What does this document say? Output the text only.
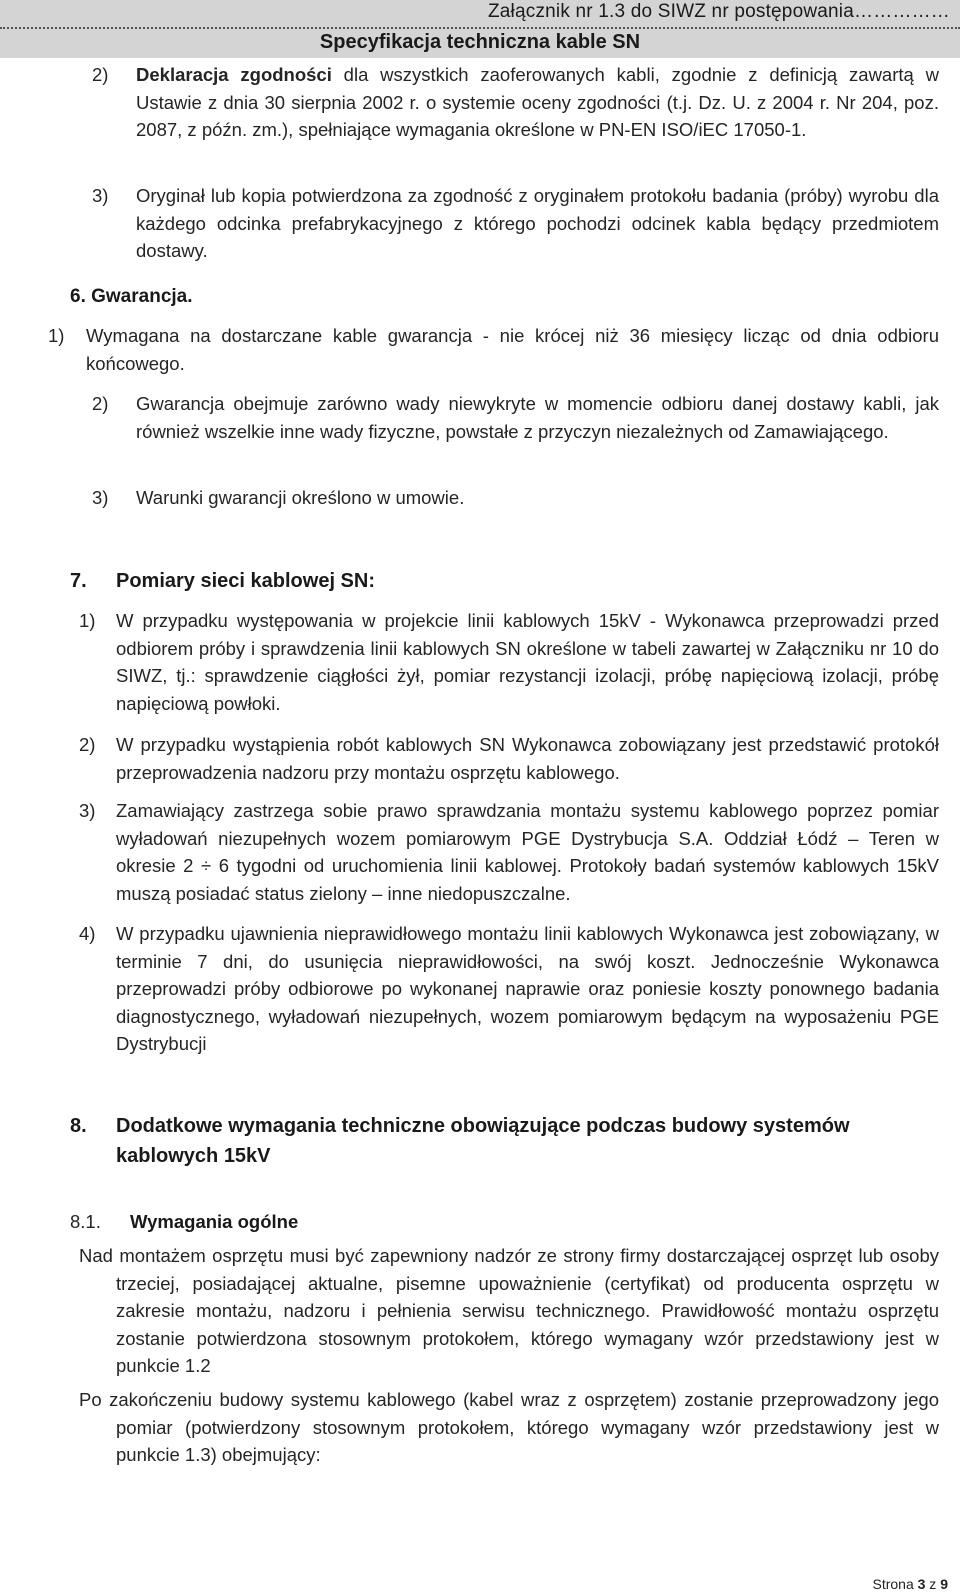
Załącznik nr 1.3 do SIWZ nr postępowania……………
Specyfikacja techniczna kable SN
2) Deklaracja zgodności dla wszystkich zaoferowanych kabli, zgodnie z definicją zawartą w Ustawie z dnia 30 sierpnia 2002 r. o systemie oceny zgodności (t.j. Dz. U. z 2004 r. Nr 204, poz. 2087, z późn. zm.), spełniające wymagania określone w PN-EN ISO/iEC 17050-1.

3) Oryginał lub kopia potwierdzona za zgodność z oryginałem protokołu badania (próby) wyrobu dla każdego odcinka prefabrykacyjnego z którego pochodzi odcinek kabla będący przedmiotem dostawy.

6. Gwarancja.
1) Wymagana na dostarczane kable gwarancja - nie krócej niż 36 miesięcy licząc od dnia odbioru końcowego.

2) Gwarancja obejmuje zarówno wady niewykryte w momencie odbioru danej dostawy kabli, jak również wszelkie inne wady fizyczne, powstałe z przyczyn niezależnych od Zamawiającego.

3) Warunki gwarancji określono w umowie.

7. Pomiary sieci kablowej SN:
1) W przypadku występowania w projekcie linii kablowych 15kV - Wykonawca przeprowadzi przed odbiorem próby i sprawdzenia linii kablowych SN określone w tabeli zawartej w Załączniku nr 10 do SIWZ, tj.: sprawdzenie ciągłości żył, pomiar rezystancji izolacji, próbę napięciową izolacji, próbę napięciową powłoki.

2) W przypadku wystąpienia robót kablowych SN Wykonawca zobowiązany jest przedstawić protokół przeprowadzenia nadzoru przy montażu osprzętu kablowego.

3) Zamawiający zastrzega sobie prawo sprawdzania montażu systemu kablowego poprzez pomiar wyładowań niezupełnych wozem pomiarowym PGE Dystrybucja S.A. Oddział Łódź – Teren w okresie 2 ÷ 6 tygodni od uruchomienia linii kablowej. Protokoły badań systemów kablowych 15kV muszą posiadać status zielony – inne niedopuszczalne.

4) W przypadku ujawnienia nieprawidłowego montażu linii kablowych Wykonawca jest zobowiązany, w terminie 7 dni, do usunięcia nieprawidłowości, na swój koszt. Jednocześnie Wykonawca przeprowadzi próby odbiorowe po wykonanej naprawie oraz poniesie koszty ponownego badania diagnostycznego, wyładowań niezupełnych, wozem pomiarowym będącym na wyposażeniu PGE Dystrybucji

8. Dodatkowe wymagania techniczne obowiązujące podczas budowy systemów kablowych 15kV
8.1. Wymagania ogólne

Nad montażem osprzętu musi być zapewniony nadzór ze strony firmy dostarczającej osprzęt lub osoby trzeciej, posiadającej aktualne, pisemne upoważnienie (certyfikat) od producenta osprzętu w zakresie montażu, nadzoru i pełnienia serwisu technicznego. Prawidłowość montażu osprzętu zostanie potwierdzona stosownym protokołem, którego wymagany wzór przedstawiony jest w punkcie 1.2

Po zakończeniu budowy systemu kablowego (kabel wraz z osprzętem) zostanie przeprowadzony jego pomiar (potwierdzony stosownym protokołem, którego wymagany wzór przedstawiony jest w punkcie 1.3) obejmujący:

Strona 3 z 9
